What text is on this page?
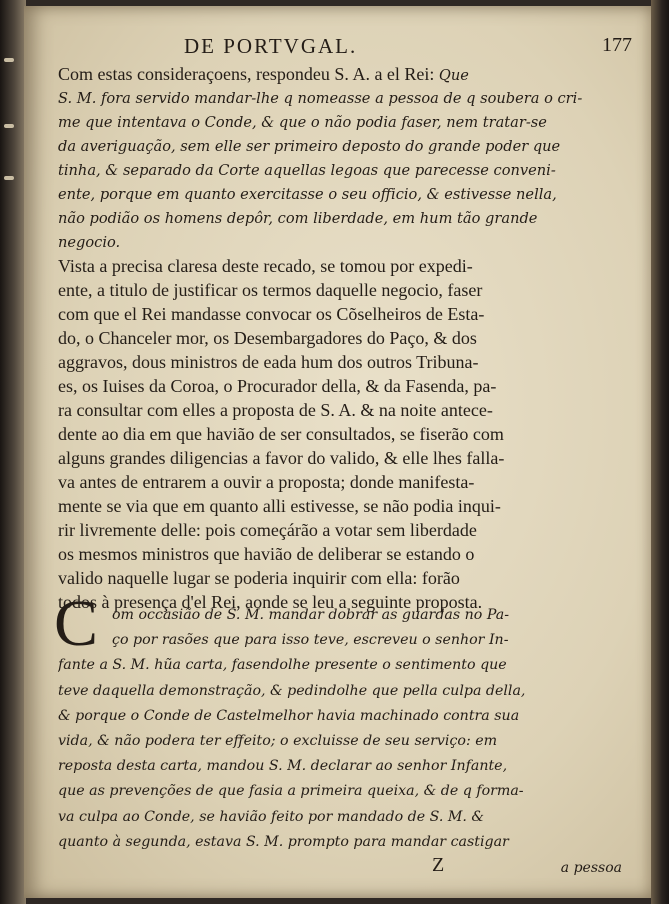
DE PORTVGAL.	177
Com estas consideraçoens, respondeu S. A. a el Rei: Que
S. M. fora servido mandar-lhe q nomeasse a pessoa de q soubera o cri-
me que intentava o Conde, & que o não podia faser, nem tratar-se
da averiguação, sem elle ser primeiro deposto do grande poder que
tinha, & separado da Corte aquellas legoas que parecesse conveni-
ente, porque em quanto exercitasse o seu officio, & estivesse nella,
não podião os homens depôr, com liberdade, em hum tão grande
negocio.
Vista a precisa claresa deste recado, se tomou por expedi-
ente, a titulo de justificar os termos daquelle negocio, faser
com que el Rei mandasse convocar os Cõselheiros de Esta-
do, o Chanceler mor, os Desembargadores do Paço, & dos
aggravos, dous ministros de eada hum dos outros Tribuna-
es, os Iuises da Coroa, o Procurador della, & da Fasenda, pa-
ra consultar com elles a proposta de S. A. & na noite antece-
dente ao dia em que havião de ser consultados, se fiserão com
alguns grandes diligencias a favor do valido, & elle lhes falla-
va antes de entrarem a ouvir a proposta; donde manifesta-
mente se via que em quanto alli estivesse, se não podia inqui-
rir livremente delle: pois começárão a votar sem liberdade
os mesmos ministros que havião de deliberar se estando o
valido naquelle lugar se poderia inquirir com ella: forão
todos à presença d'el Rei, aonde se leu a seguinte proposta.
C om occasião de S. M. mandar dobrar as guardas no Pa-
ço por rasões que para isso teve, escreveu o senhor In-
fante a S. M. hũa carta, fasendolhe presente o sentimento que
teve daquella demonstração, & pedindolhe que pella culpa della,
& porque o Conde de Castelmelhor havia machinado contra sua
vida, & não podera ter effeito; o excluisse de seu serviço: em
reposta desta carta, mandou S. M. declarar ao senhor Infante,
que as prevenções de que fasia a primeira queixa, & de q forma-
va culpa ao Conde, se havião feito por mandado de S. M. &
quanto à segunda, estava S. M. prompto para mandar castigar
Z	a pessoa
